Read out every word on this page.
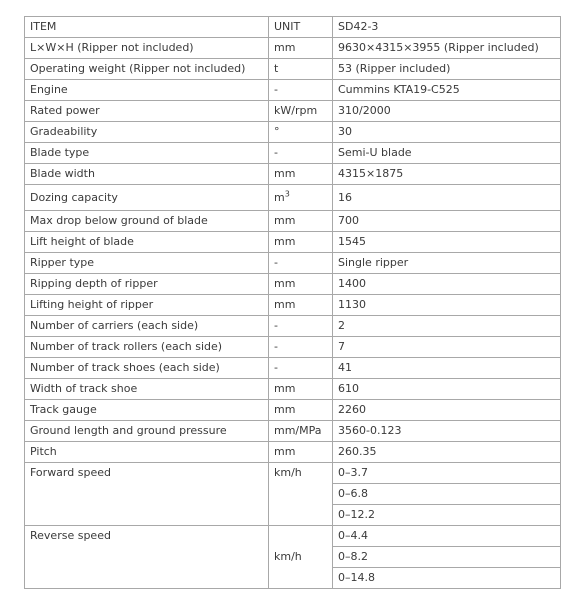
ITEM	UNIT	SD42-3
L×W×H (Ripper not included)	mm	9630×4315×3955 (Ripper included)
Operating weight (Ripper not included)	t	53 (Ripper included)
Engine	-	Cummins KTA19-C525
Rated power	kW/rpm	310/2000
Gradeability	°	30
Blade type	-	Semi-U blade
Blade width	mm	4315×1875
Dozing capacity	$m^3$	16
Max drop below ground of blade	mm	700
Lift height of blade	mm	1545
Ripper type	-	Single ripper
Ripping depth of ripper	mm	1400
Lifting height of ripper	mm	1130
Number of carriers (each side)	-	2
Number of track rollers (each side)	-	7
Number of track shoes (each side)	-	41
Width of track shoe	mm	610
Track gauge	mm	2260
Ground length and ground pressure	mm/MPa	3560-0.123
Pitch	mm	260.35
Forward speed	km/h	0–3.7
		0–6.8
		0–12.2
Reverse speed	km/h	0–4.4
		0–8.2
		0–14.8
